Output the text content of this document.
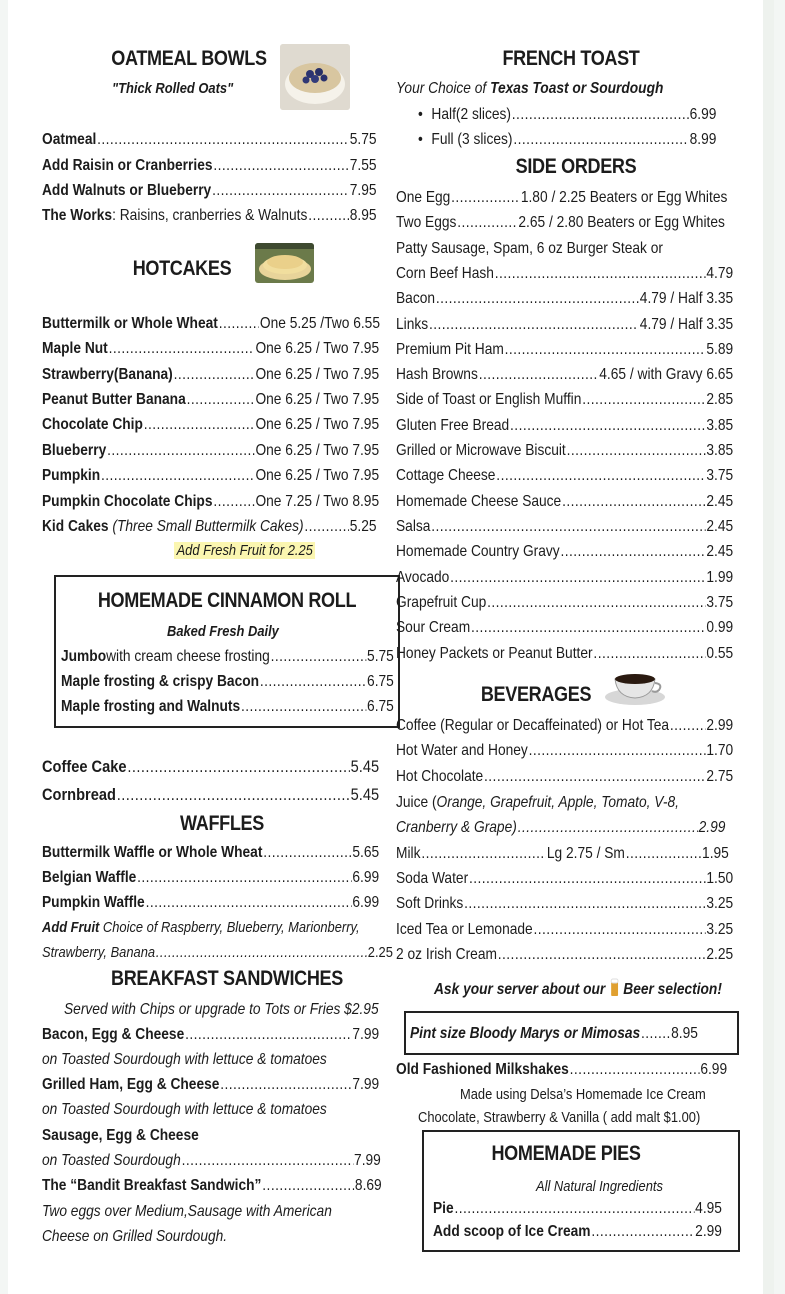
OATMEAL BOWLS
"Thick Rolled Oats"
Oatmeal .....	5.75
Add Raisin or Cranberries .....	7.55
Add Walnuts or Blueberry .....	7.95
The Works : Raisins, cranberries & Walnuts .....	8.95
HOTCAKES
Buttermilk or Whole Wheat .....	One 5.25 /Two 6.55
Maple Nut .....	One 6.25 / Two 7.95
Strawberry(Banana) .....	One 6.25 / Two 7.95
Peanut Butter Banana .....	One 6.25 / Two 7.95
Chocolate Chip .....	One 6.25 / Two 7.95
Blueberry .....	One 6.25 / Two 7.95
Pumpkin .....	One 6.25 / Two 7.95
Pumpkin Chocolate Chips .....	One 7.25 / Two 8.95
Kid Cakes
(Three Small Buttermilk Cakes) .....	5.25
Add Fresh Fruit for 2.25
HOMEMADE CINNAMON ROLL
Baked Fresh Daily
Jumbo with cream cheese frosting .....	5.75
Maple frosting & crispy Bacon .....	6.75
Maple frosting and Walnuts .....	6.75
Coffee Cake .....	5.45
Cornbread .....	5.45
WAFFLES
Buttermilk Waffle or Whole Wheat .....	5.65
Belgian Waffle .....	6.99
Pumpkin Waffle .....	6.99
Add Fruit Choice of Raspberry, Blueberry, Marionberry,
Strawberry, Banana .....	2.25
BREAKFAST SANDWICHES
Served with Chips or upgrade to Tots or Fries $2.95
Bacon, Egg & Cheese .....	7.99
on Toasted Sourdough with lettuce & tomatoes
Grilled Ham, Egg & Cheese .....	7.99
on Toasted Sourdough with lettuce & tomatoes
Sausage, Egg & Cheese
on Toasted Sourdough .....	7.99
The “Bandit Breakfast Sandwich” .....	8.69
Two eggs over Medium,Sausage with American
Cheese on Grilled Sourdough.
FRENCH TOAST
Your Choice of Texas Toast or Sourdough
• Half(2 slices) .....	6.99
• Full (3 slices) .....	8.99
SIDE ORDERS
One Egg .....	1.80 / 2.25 Beaters or Egg Whites
Two Eggs .....	2.65 / 2.80 Beaters or Egg Whites
Patty Sausage, Spam, 6 oz Burger Steak or
Corn Beef Hash .....	4.79
Bacon .....	4.79 / Half 3.35
Links .....	4.79 / Half 3.35
Premium Pit Ham .....	5.89
Hash Browns .....	4.65 / with Gravy 6.65
Side of Toast or English Muffin .....	2.85
Gluten Free Bread .....	3.85
Grilled or Microwave Biscuit .....	3.85
Cottage Cheese .....	3.75
Homemade Cheese Sauce .....	2.45
Salsa .....	2.45
Homemade Country Gravy .....	2.45
Avocado .....	1.99
Grapefruit Cup .....	3.75
Sour Cream .....	0.99
Honey Packets or Peanut Butter .....	0.55
BEVERAGES
Coffee (Regular or Decaffeinated) or Hot Tea ..... 2.99
Hot Water and Honey .....	1.70
Hot Chocolate .....	2.75
Juice (Orange, Grapefruit, Apple, Tomato, V-8,
Cranberry & Grape) .....	2.99
Milk .....	Lg 2.75 / Sm .....	1.95
Soda Water .....	1.50
Soft Drinks .....	3.25
Iced Tea or Lemonade .....	3.25
2 oz Irish Cream .....	2.25
Ask your server about our Beer selection!
Pint size Bloody Marys or Mimosas ..... 8.95
Old Fashioned Milkshakes .....	6.99
Made using Delsa’s Homemade Ice Cream
Chocolate, Strawberry & Vanilla ( add malt $1.00)
HOMEMADE PIES
All Natural Ingredients
Pie .....	4.95
Add scoop of Ice Cream .....	2.99
